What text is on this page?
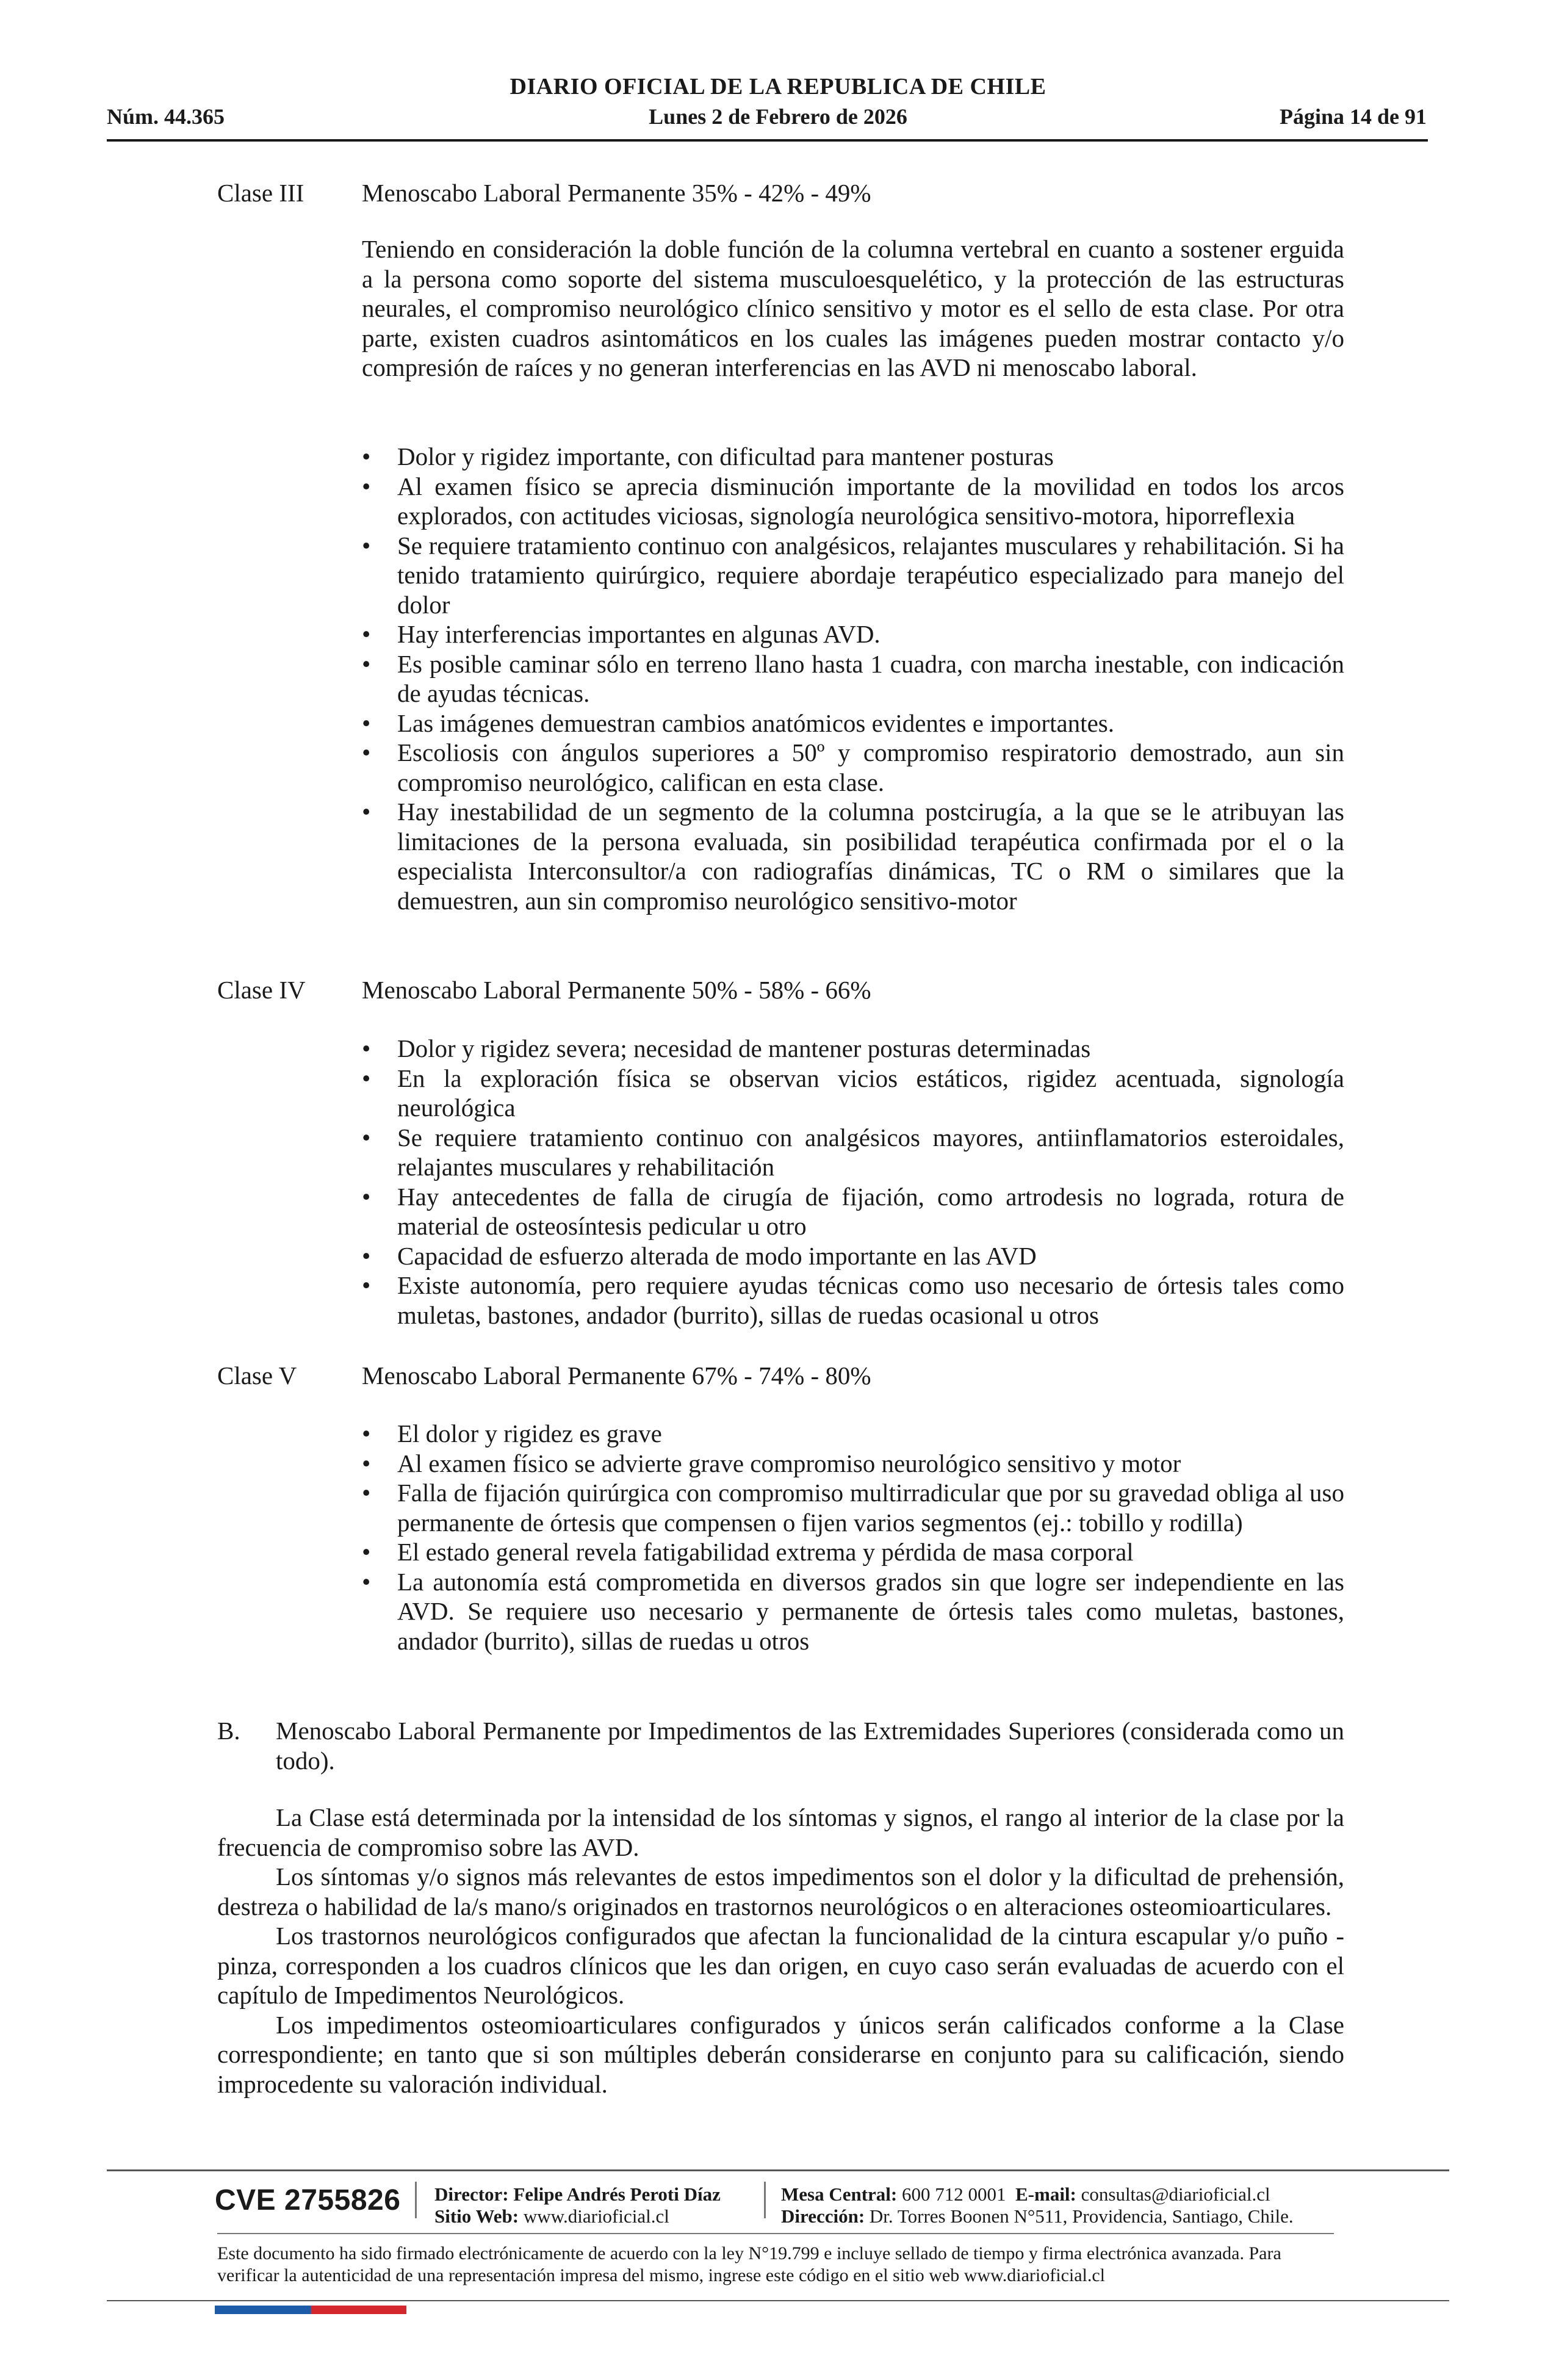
DIARIO OFICIAL DE LA REPUBLICA DE CHILE
Núm. 44.365	Lunes 2 de Febrero de 2026	Página 14 de 91
Clase III Menoscabo Laboral Permanente 35% - 42% - 49%
Teniendo en consideración la doble función de la columna vertebral en cuanto a sostener erguida a la persona como soporte del sistema musculoesquelético, y la protección de las estructuras neurales, el compromiso neurológico clínico sensitivo y motor es el sello de esta clase. Por otra parte, existen cuadros asintomáticos en los cuales las imágenes pueden mostrar contacto y/o compresión de raíces y no generan interferencias en las AVD ni menoscabo laboral.
• Dolor y rigidez importante, con dificultad para mantener posturas
• Al examen físico se aprecia disminución importante de la movilidad en todos los arcos explorados, con actitudes viciosas, signología neurológica sensitivo-motora, hiporreflexia
• Se requiere tratamiento continuo con analgésicos, relajantes musculares y rehabilitación. Si ha tenido tratamiento quirúrgico, requiere abordaje terapéutico especializado para manejo del dolor
• Hay interferencias importantes en algunas AVD.
• Es posible caminar sólo en terreno llano hasta 1 cuadra, con marcha inestable, con indicación de ayudas técnicas.
• Las imágenes demuestran cambios anatómicos evidentes e importantes.
• Escoliosis con ángulos superiores a 50º y compromiso respiratorio demostrado, aun sin compromiso neurológico, califican en esta clase.
• Hay inestabilidad de un segmento de la columna postcirugía, a la que se le atribuyan las limitaciones de la persona evaluada, sin posibilidad terapéutica confirmada por el o la especialista Interconsultor/a con radiografías dinámicas, TC o RM o similares que la demuestren, aun sin compromiso neurológico sensitivo-motor
Clase IV Menoscabo Laboral Permanente 50% - 58% - 66%
• Dolor y rigidez severa; necesidad de mantener posturas determinadas
• En la exploración física se observan vicios estáticos, rigidez acentuada, signología neurológica
• Se requiere tratamiento continuo con analgésicos mayores, antiinflamatorios esteroidales, relajantes musculares y rehabilitación
• Hay antecedentes de falla de cirugía de fijación, como artrodesis no lograda, rotura de material de osteosíntesis pedicular u otro
• Capacidad de esfuerzo alterada de modo importante en las AVD
• Existe autonomía, pero requiere ayudas técnicas como uso necesario de órtesis tales como muletas, bastones, andador (burrito), sillas de ruedas ocasional u otros
Clase V	Menoscabo Laboral Permanente 67% - 74% - 80%
• El dolor y rigidez es grave
• Al examen físico se advierte grave compromiso neurológico sensitivo y motor
• Falla de fijación quirúrgica con compromiso multirradicular que por su gravedad obliga al uso permanente de órtesis que compensen o fijen varios segmentos (ej.: tobillo y rodilla)
• El estado general revela fatigabilidad extrema y pérdida de masa corporal
• La autonomía está comprometida en diversos grados sin que logre ser independiente en las AVD. Se requiere uso necesario y permanente de órtesis tales como muletas, bastones, andador (burrito), sillas de ruedas u otros
B. Menoscabo Laboral Permanente por Impedimentos de las Extremidades Superiores (considerada como un todo).

La Clase está determinada por la intensidad de los síntomas y signos, el rango al interior de la clase por la frecuencia de compromiso sobre las AVD.

Los síntomas y/o signos más relevantes de estos impedimentos son el dolor y la dificultad de prehensión, destreza o habilidad de la/s mano/s originados en trastornos neurológicos o en alteraciones osteomioarticulares.

Los trastornos neurológicos configurados que afectan la funcionalidad de la cintura escapular y/o puño - pinza, corresponden a los cuadros clínicos que les dan origen, en cuyo caso serán evaluadas de acuerdo con el capítulo de Impedimentos Neurológicos.

Los impedimentos osteomioarticulares configurados y únicos serán calificados conforme a la Clase correspondiente; en tanto que si son múltiples deberán considerarse en conjunto para su calificación, siendo improcedente su valoración individual.

CVE 2755826 Director: Felipe Andrés Peroti Díaz
Sitio Web: www.diarioficial.cl
Mesa Central: 600 712 0001 E-mail: consultas@diarioficial.cl
Dirección: Dr. Torres Boonen N°511, Providencia, Santiago, Chile.
Este documento ha sido firmado electrónicamente de acuerdo con la ley N°19.799 e incluye sellado de tiempo y firma electrónica avanzada. Para verificar la autenticidad de una representación impresa del mismo, ingrese este código en el sitio web www.diarioficial.cl
